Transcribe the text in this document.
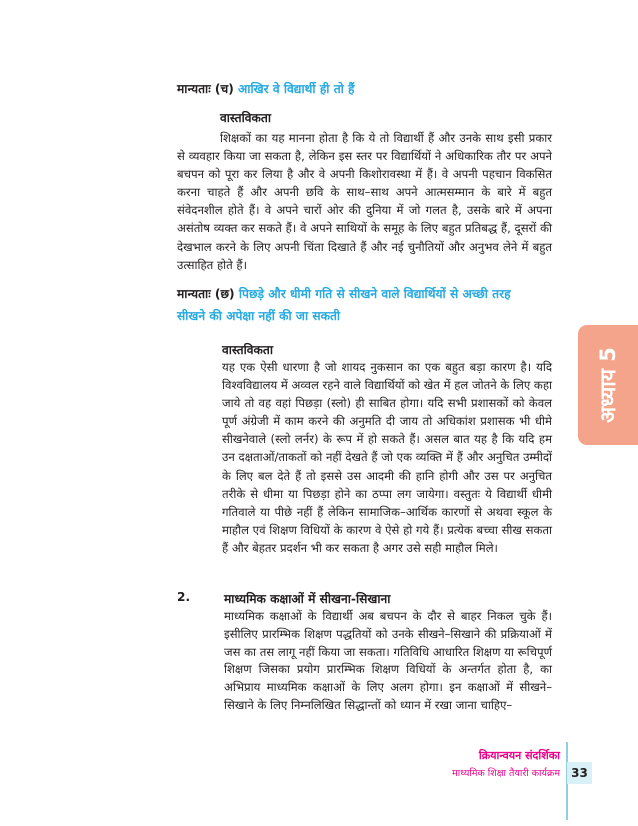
मान्यताः (च) आखिर वे विद्यार्थी ही तो हैं

वास्तविकता

शिक्षकों का यह मानना होता है कि ये तो विद्यार्थी हैं और उनके साथ इसी प्रकार से व्यवहार किया जा सकता है, लेकिन इस स्तर पर विद्यार्थियों ने अधिकारिक तौर पर अपने बचपन को पूरा कर लिया है और वे अपनी किशोरावस्था में हैं। वे अपनी पहचान विकसित करना चाहते हैं और अपनी छवि के साथ–साथ अपने आत्मसम्मान के बारे में बहुत संवेदनशील होते हैं। वे अपने चारों ओर की दुनिया में जो गलत है, उसके बारे में अपना असंतोष व्यक्त कर सकते हैं। वे अपने साथियों के समूह के लिए बहुत प्रतिबद्ध हैं, दूसरों की देखभाल करने के लिए अपनी चिंता दिखाते हैं और नई चुनौतियों और अनुभव लेने में बहुत उत्साहित होते हैं।

मान्यताः (छ) पिछड़े और धीमी गति से सीखने वाले विद्यार्थियों से अच्छी तरह
सीखने की अपेक्षा नहीं की जा सकती

वास्तविकता

यह एक ऐसी धारणा है जो शायद नुकसान का एक बहुत बड़ा कारण है। यदि विश्वविद्यालय में अव्वल रहने वाले विद्यार्थियों को खेत में हल जोतने के लिए कहा जाये तो वह वहां पिछड़ा (स्लो) ही साबित होगा। यदि सभी प्रशासकों को केवल पूर्ण अंग्रेजी में काम करने की अनुमति दी जाय तो अधिकांश प्रशासक भी धीमे सीखनेवाले (स्लो लर्नर) के रूप में हो सकते हैं। असल बात यह है कि यदि हम उन दक्षताओं/ताकतों को नहीं देखते हैं जो एक व्यक्ति में हैं और अनुचित उम्मीदों के लिए बल देते हैं तो इससे उस आदमी की हानि होगी और उस पर अनुचित तरीके से धीमा या पिछड़ा होने का ठप्पा लग जायेगा। वस्तुतः ये विद्यार्थी धीमी गतिवाले या पीछे नहीं हैं लेकिन सामाजिक–आर्थिक कारणों से अथवा स्कूल के माहौल एवं शिक्षण विधियों के कारण वे ऐसे हो गये हैं। प्रत्येक बच्चा सीख सकता हैं और बेहतर प्रदर्शन भी कर सकता है अगर उसे सही माहौल मिले।

2.	माध्यमिक कक्षाओं में सीखना-सिखाना

माध्यमिक कक्षाओं के विद्यार्थी अब बचपन के दौर से बाहर निकल चुके हैं। इसीलिए प्रारम्भिक शिक्षण पद्धतियों को उनके सीखने–सिखाने की प्रक्रियाओं में जस का तस लागू नहीं किया जा सकता। गतिविधि आधारित शिक्षण या रूचिपूर्ण शिक्षण जिसका प्रयोग प्रारम्भिक शिक्षण विधियों के अन्तर्गत होता है, का अभिप्राय माध्यमिक कक्षाओं के लिए अलग होगा। इन कक्षाओं में सीखने–सिखाने के लिए निम्नलिखित सिद्धान्तों को ध्यान में रखा जाना चाहिए–

अध्याय 5
क्रियान्वयन संदर्शिका
माध्यमिक शिक्षा तैयारी कार्यक्रम 33
